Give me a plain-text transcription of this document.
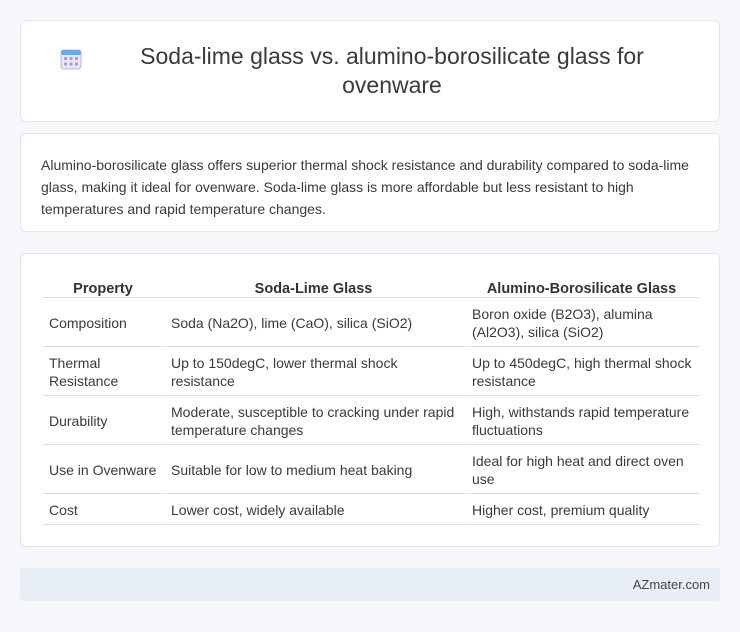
Soda-lime glass vs. alumino-borosilicate glass for ovenware

Alumino-borosilicate glass offers superior thermal shock resistance and durability compared to soda-lime glass, making it ideal for ovenware. Soda-lime glass is more affordable but less resistant to high temperatures and rapid temperature changes.

Property	Soda-Lime Glass	Alumino-Borosilicate Glass
Composition	Soda (Na2O), lime (CaO), silica (SiO2)	Boron oxide (B2O3), alumina (Al2O3), silica (SiO2)
Thermal Resistance	Up to 150degC, lower thermal shock resistance	Up to 450degC, high thermal shock resistance
Durability	Moderate, susceptible to cracking under rapid temperature changes	High, withstands rapid temperature fluctuations
Use in Ovenware	Suitable for low to medium heat baking	Ideal for high heat and direct oven use
Cost	Lower cost, widely available	Higher cost, premium quality
AZmater.com
